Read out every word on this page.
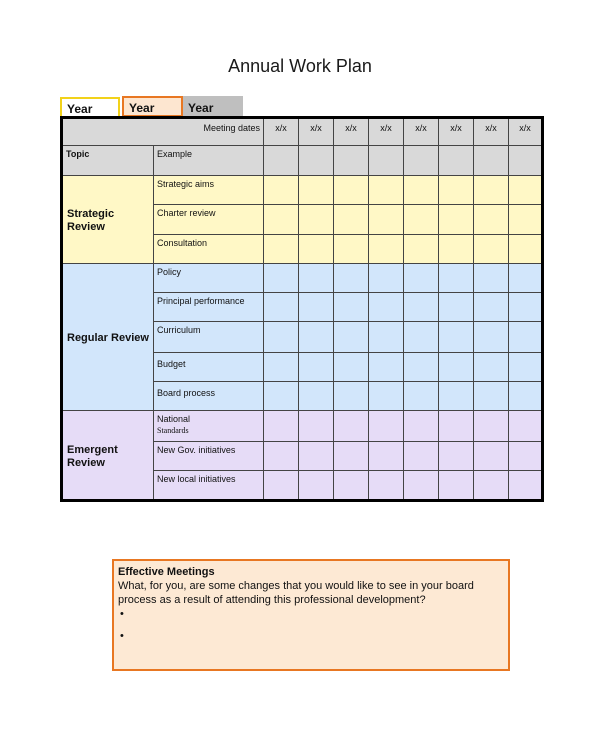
Annual Work Plan
Year	Year	Year
Meeting dates		x/x	x/x	x/x	x/x	x/x	x/x	x/x	x/x
Topic	Example								
Strategic Review	Strategic aims								
	Charter review								
	Consultation								
Regular Review	Policy								
	Principal performance								
	Curriculum								
	Budget								
	Board process								
Emergent Review	National
Standards								
	New Gov. initiatives								
	New local initiatives								
Effective Meetings
What, for you, are some changes that you would like to see in your board process as a result of attending this professional development?
•
•
